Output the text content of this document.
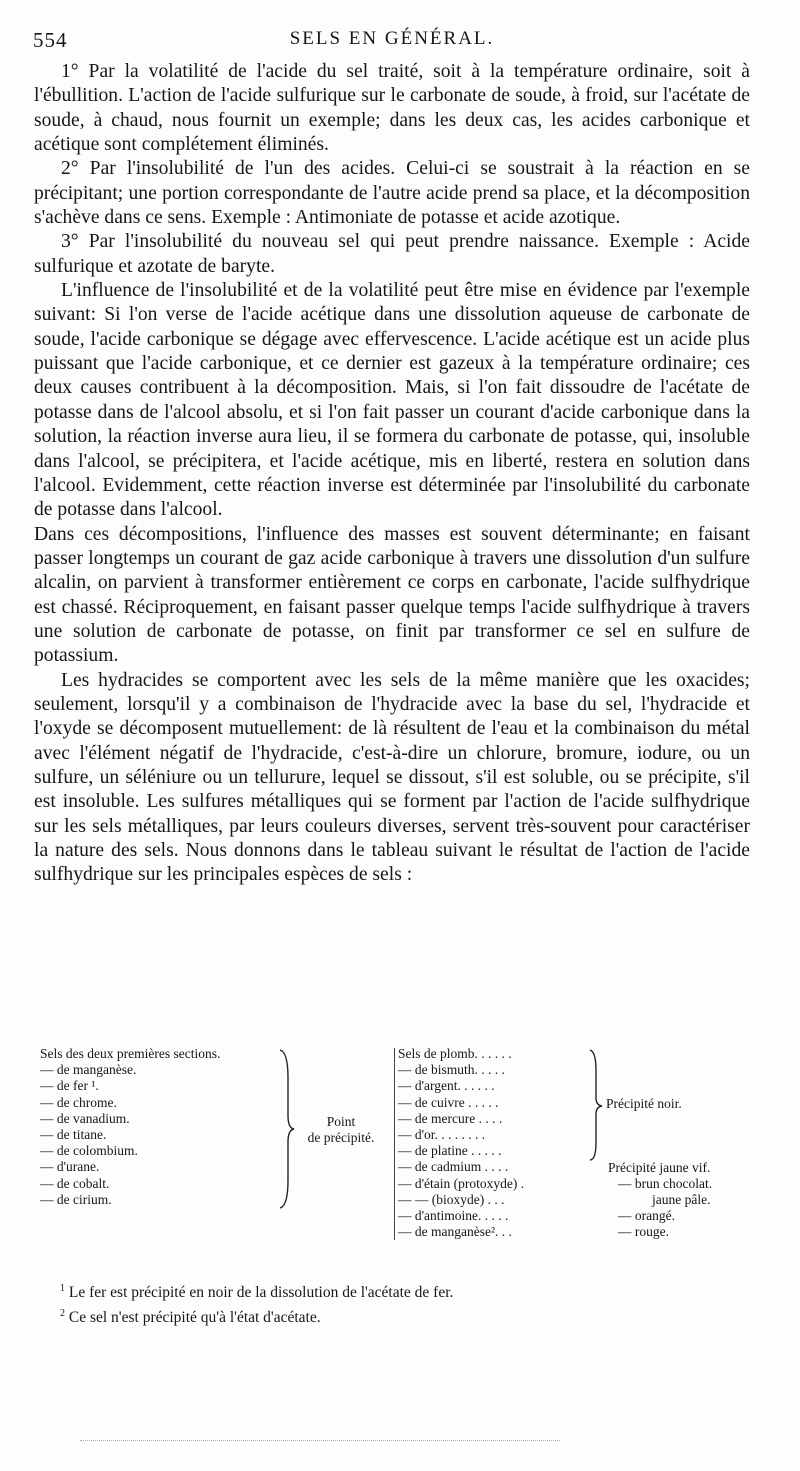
554	SELS EN GÉNÉRAL.

1° Par la volatilité de l'acide du sel traité, soit à la température ordinaire, soit à l'ébullition. L'action de l'acide sulfurique sur le carbonate de soude, à froid, sur l'acétate de soude, à chaud, nous fournit un exemple; dans les deux cas, les acides carbonique et acétique sont complétement éliminés.

2° Par l'insolubilité de l'un des acides. Celui-ci se soustrait à la réaction en se précipitant; une portion correspondante de l'autre acide prend sa place, et la décomposition s'achève dans ce sens. Exemple : Antimoniate de potasse et acide azotique.

3° Par l'insolubilité du nouveau sel qui peut prendre naissance. Exemple : Acide sulfurique et azotate de baryte.

L'influence de l'insolubilité et de la volatilité peut être mise en évidence par l'exemple suivant: Si l'on verse de l'acide acétique dans une dissolution aqueuse de carbonate de soude, l'acide carbonique se dégage avec effervescence. L'acide acétique est un acide plus puissant que l'acide carbonique, et ce dernier est gazeux à la température ordinaire; ces deux causes contribuent à la décomposition. Mais, si l'on fait dissoudre de l'acétate de potasse dans de l'alcool absolu, et si l'on fait passer un courant d'acide carbonique dans la solution, la réaction inverse aura lieu, il se formera du carbonate de potasse, qui, insoluble dans l'alcool, se précipitera, et l'acide acétique, mis en liberté, restera en solution dans l'alcool. Evidemment, cette réaction inverse est déterminée par l'insolubilité du carbonate de potasse dans l'alcool.

Dans ces décompositions, l'influence des masses est souvent déterminante; en faisant passer longtemps un courant de gaz acide carbonique à travers une dissolution d'un sulfure alcalin, on parvient à transformer entièrement ce corps en carbonate, l'acide sulfhydrique est chassé. Réciproquement, en faisant passer quelque temps l'acide sulfhydrique à travers une solution de carbonate de potasse, on finit par transformer ce sel en sulfure de potassium.

Les hydracides se comportent avec les sels de la même manière que les oxacides; seulement, lorsqu'il y a combinaison de l'hydracide avec la base du sel, l'hydracide et l'oxyde se décomposent mutuellement: de là résultent de l'eau et la combinaison du métal avec l'élément négatif de l'hydracide, c'est-à-dire un chlorure, bromure, iodure, ou un sulfure, un séléniure ou un tellurure, lequel se dissout, s'il est soluble, ou se précipite, s'il est insoluble. Les sulfures métalliques qui se forment par l'action de l'acide sulfhydrique sur les sels métalliques, par leurs couleurs diverses, servent très-souvent pour caractériser la nature des sels. Nous donnons dans le tableau suivant le résultat de l'action de l'acide sulfhydrique sur les principales espèces de sels :

Sels des deux premières sections.
— de manganèse.
— de fer ¹.
— de chrome.
— de vanadium.
— de titane.
— de colombium.
— d'urane.
— de cobalt.
— de cirium.
Point
de précipité.
Sels de plomb. . . . . .
— de bismuth. . . . .
— d'argent. . . . . .
— de cuivre . . . . .
— de mercure . . . .
— d'or. . . . . . . .
— de platine . . . . .
— de cadmium . . . .
— d'étain (protoxyde) .
— — (bioxyde) . . .
— d'antimoine. . . . .
— de manganèse². . .
Précipité noir.
Précipité jaune vif.
— brun chocolat.
jaune pâle.
— orangé.
— rouge.
$^1$ Le fer est précipité en noir de la dissolution de l'acétate de fer.
$^2$ Ce sel n'est précipité qu'à l'état d'acétate.
